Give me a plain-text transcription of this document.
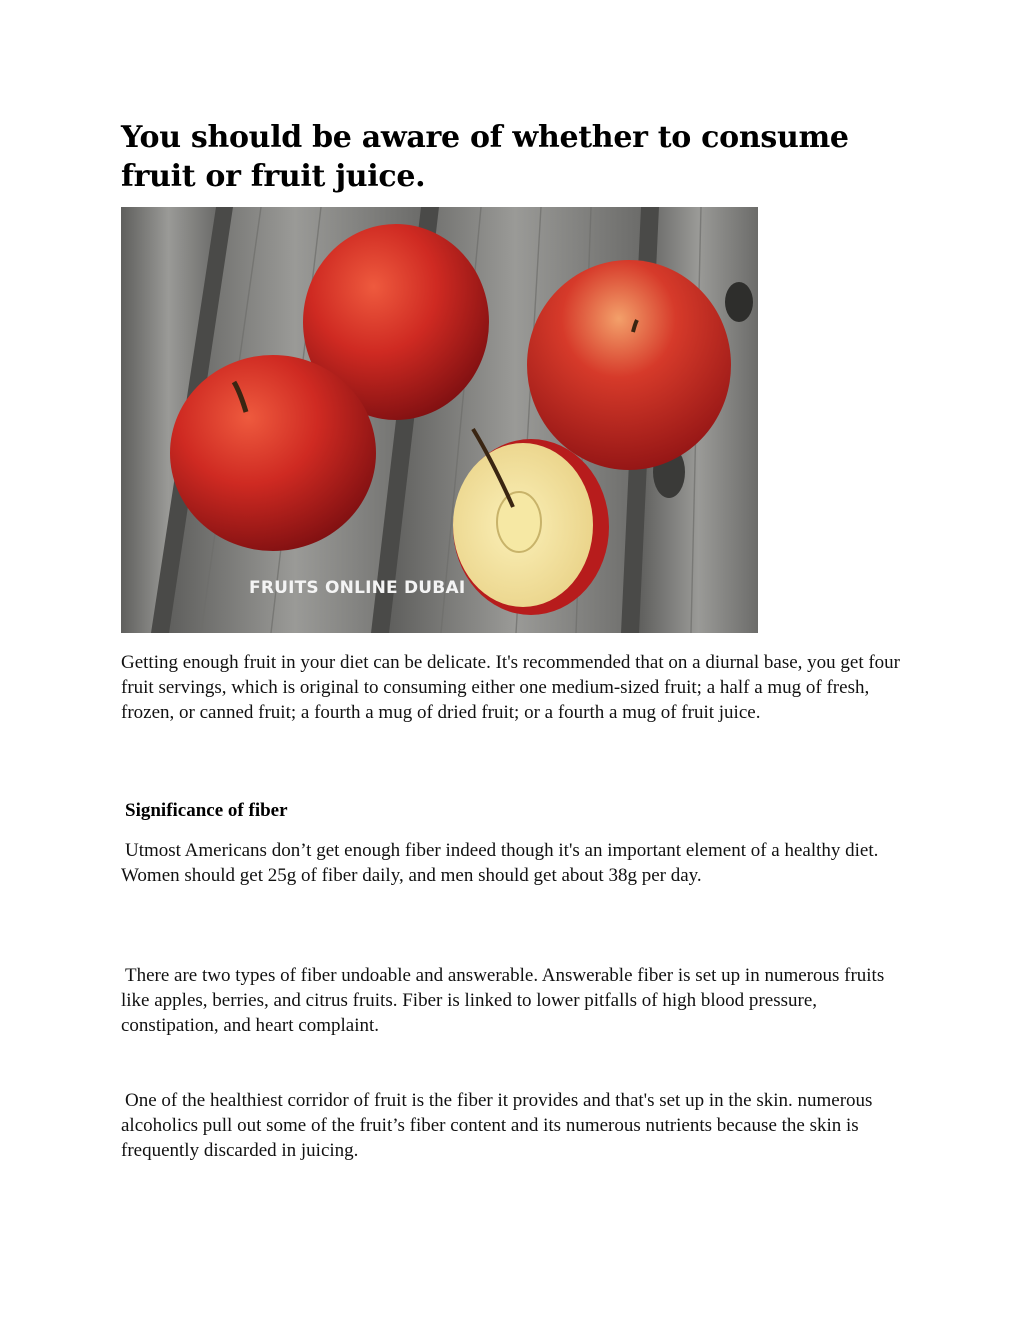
You should be aware of whether to consume fruit or fruit juice.
FRUITS ONLINE DUBAI

Getting enough fruit in your diet can be delicate. It's recommended that on a diurnal base, you get four fruit servings, which is original to consuming either one medium-sized fruit; a half a mug of fresh, frozen, or canned fruit; a fourth a mug of dried fruit; or a fourth a mug of fruit juice.

Significance of fiber

Utmost Americans don’t get enough fiber indeed though it's an important element of a healthy diet. Women should get 25g of fiber daily, and men should get about 38g per day.

There are two types of fiber undoable and answerable. Answerable fiber is set up in numerous fruits like apples, berries, and citrus fruits. Fiber is linked to lower pitfalls of high blood pressure, constipation, and heart complaint.

One of the healthiest corridor of fruit is the fiber it provides and that's set up in the skin. numerous alcoholics pull out some of the fruit’s fiber content and its numerous nutrients because the skin is frequently discarded in juicing.
